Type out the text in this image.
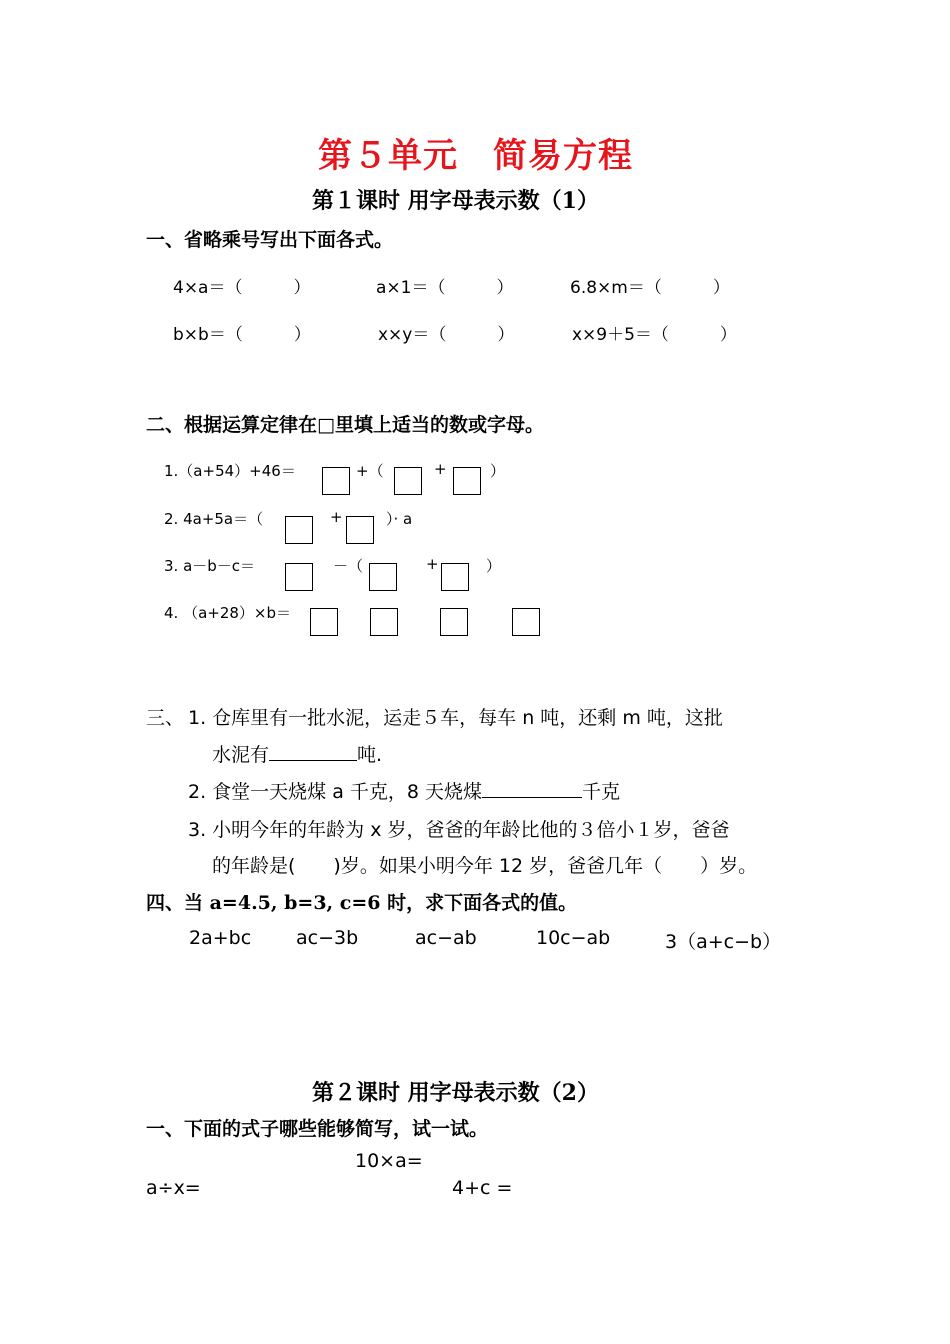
第５单元　简易方程
第１课时 用字母表示数（1）
一、省略乘号写出下面各式。
4×a＝（　　　）	a×1＝（　　　）	6.8×m＝（　　　）
b×b＝（　　　）	x×y＝（　　　）	x×9＋5＝（　　　）
二、根据运算定律在□里填上适当的数或字母。
1.（a+54）+46＝	+（	+	）
2. 4a+5a＝（	+	）· a
3. a－b－c＝	－（	+	）
4. （a+28）×b＝
三、 1. 仓库里有一批水泥，运走５车，每车 n 吨，还剩 m 吨，这批
水泥有	吨.
2. 食堂一天烧煤 a 千克，8 天烧煤	千克
3. 小明今年的年龄为 x 岁，爸爸的年龄比他的３倍小１岁，爸爸
的年龄是(　　)岁。如果小明今年 12 岁，爸爸几年（　　）岁。
四、当 a=4.5, b=3, c=6 时，求下面各式的值。
2a+bc ac−3b	ac−ab	10c−ab	3（a+c−b）
第２课时 用字母表示数（2）
一、下面的式子哪些能够简写，试一试。
10×a=
a÷x=	4+c =
